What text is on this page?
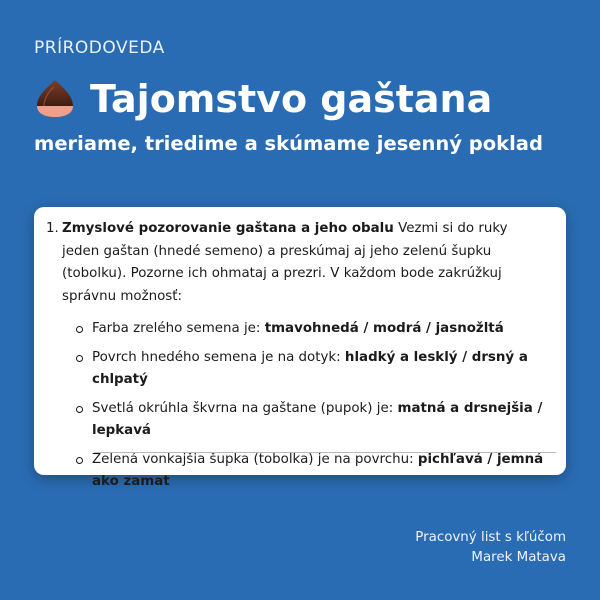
PRÍRODOVEDA
Tajomstvo gaštana
meriame, triedime a skúmame jesenný poklad
1. Zmyslové pozorovanie gaštana a jeho obalu Vezmi si do ruky jeden gaštan (hnedé semeno) a preskúmaj aj jeho zelenú šupku (tobolku). Pozorne ich ohmataj a prezri. V každom bode zakrúžkuj správnu možnosť:
Farba zrelého semena je: tmavohnedá / modrá / jasnožltá
Povrch hnedého semena je na dotyk: hladký a lesklý / drsný a chlpatý
Svetlá okrúhla škvrna na gaštane (pupok) je: matná a drsnejšia / lepkavá
Zelená vonkajšia šupka (tobolka) je na povrchu: pichľavá / jemná ako zamat
Pracovný list s kľúčom
Marek Matava
